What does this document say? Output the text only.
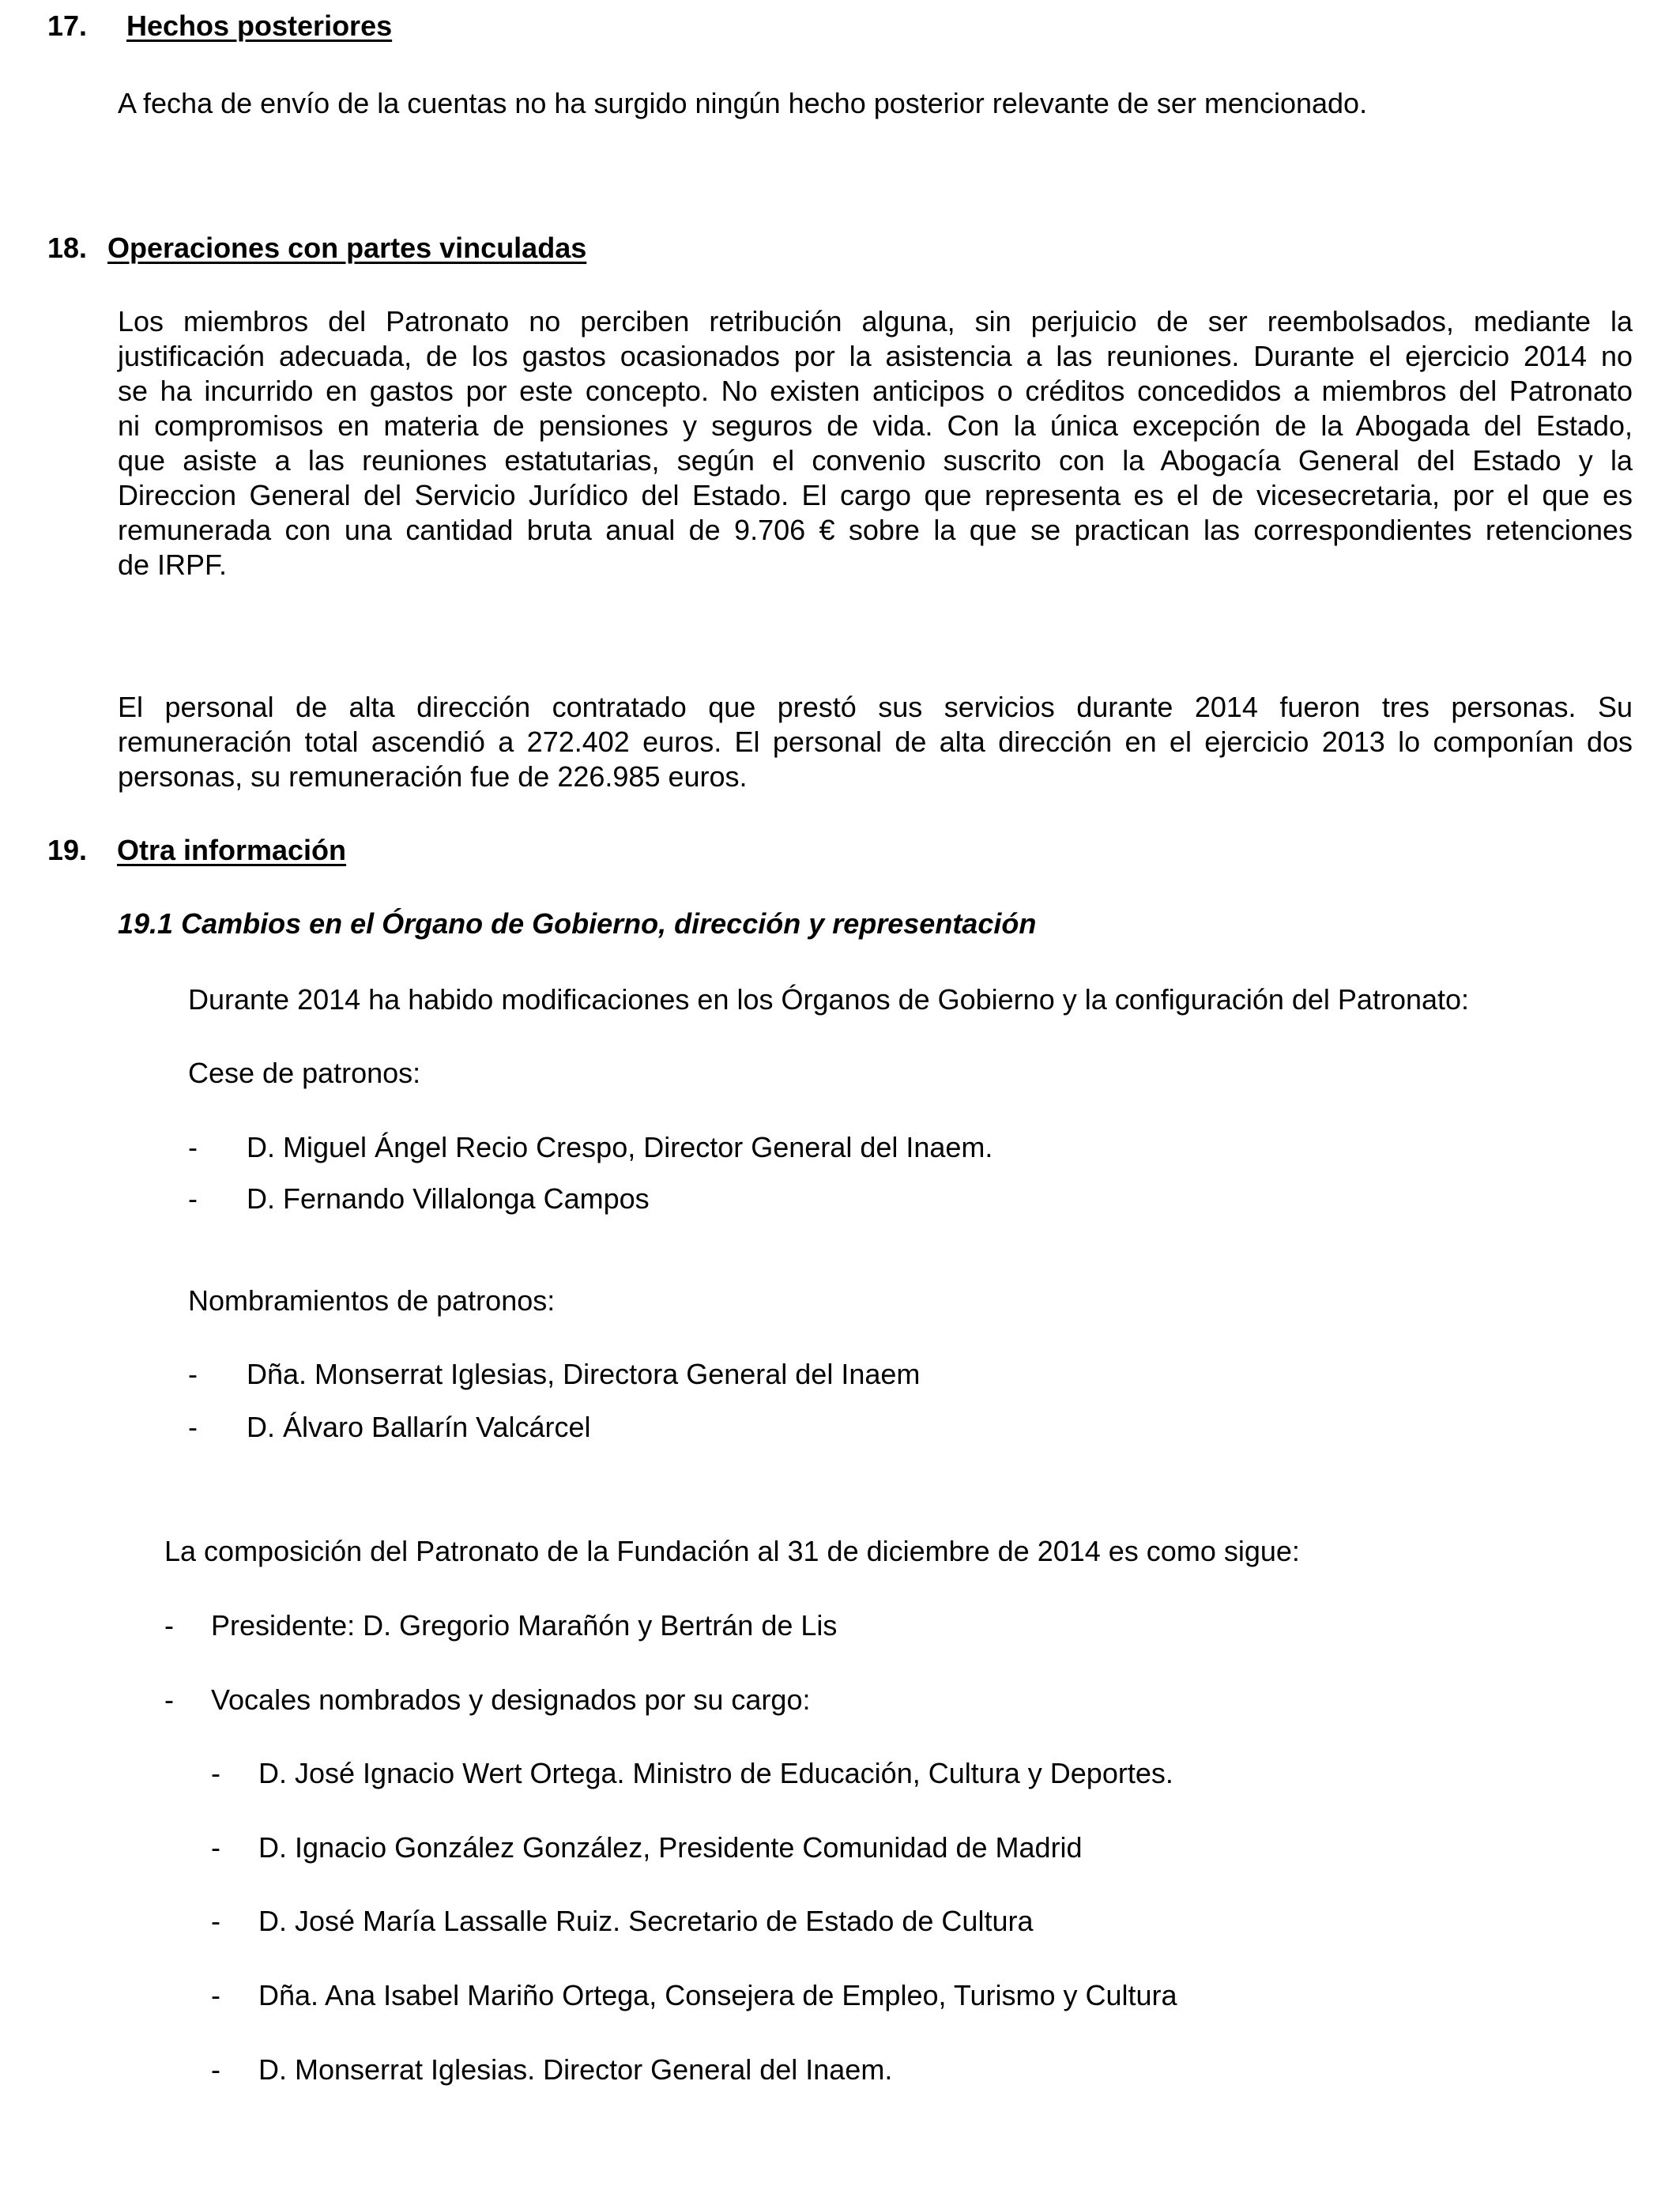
17. Hechos posteriores
A fecha de envío de la cuentas no ha surgido ningún hecho posterior relevante de ser mencionado.
18. Operaciones con partes vinculadas
Los miembros del Patronato no perciben retribución alguna, sin perjuicio de ser reembolsados, mediante la
justificación adecuada, de los gastos ocasionados por la asistencia a las reuniones. Durante el ejercicio 2014 no
se ha incurrido en gastos por este concepto. No existen anticipos o créditos concedidos a miembros del Patronato
ni compromisos en materia de pensiones y seguros de vida. Con la única excepción de la Abogada del Estado,
que asiste a las reuniones estatutarias, según el convenio suscrito con la Abogacía General del Estado y la
Direccion General del Servicio Jurídico del Estado. El cargo que representa es el de vicesecretaria, por el que es
remunerada con una cantidad bruta anual de 9.706 € sobre la que se practican las correspondientes retenciones
de IRPF.
El personal de alta dirección contratado que prestó sus servicios durante 2014 fueron tres personas. Su
remuneración total ascendió a 272.402 euros. El personal de alta dirección en el ejercicio 2013 lo componían dos
personas, su remuneración fue de 226.985 euros.
19. Otra información
19.1 Cambios en el Órgano de Gobierno, dirección y representación
Durante 2014 ha habido modificaciones en los Órganos de Gobierno y la configuración del Patronato:
Cese de patronos:
- D. Miguel Ángel Recio Crespo, Director General del Inaem.
- D. Fernando Villalonga Campos
Nombramientos de patronos:
- Dña. Monserrat Iglesias, Directora General del Inaem
- D. Álvaro Ballarín Valcárcel
La composición del Patronato de la Fundación al 31 de diciembre de 2014 es como sigue:
- Presidente: D. Gregorio Marañón y Bertrán de Lis
- Vocales nombrados y designados por su cargo:
- D. José Ignacio Wert Ortega. Ministro de Educación, Cultura y Deportes.
- D. Ignacio González González, Presidente Comunidad de Madrid
- D. José María Lassalle Ruiz. Secretario de Estado de Cultura
- Dña. Ana Isabel Mariño Ortega, Consejera de Empleo, Turismo y Cultura
- D. Monserrat Iglesias. Director General del Inaem.
